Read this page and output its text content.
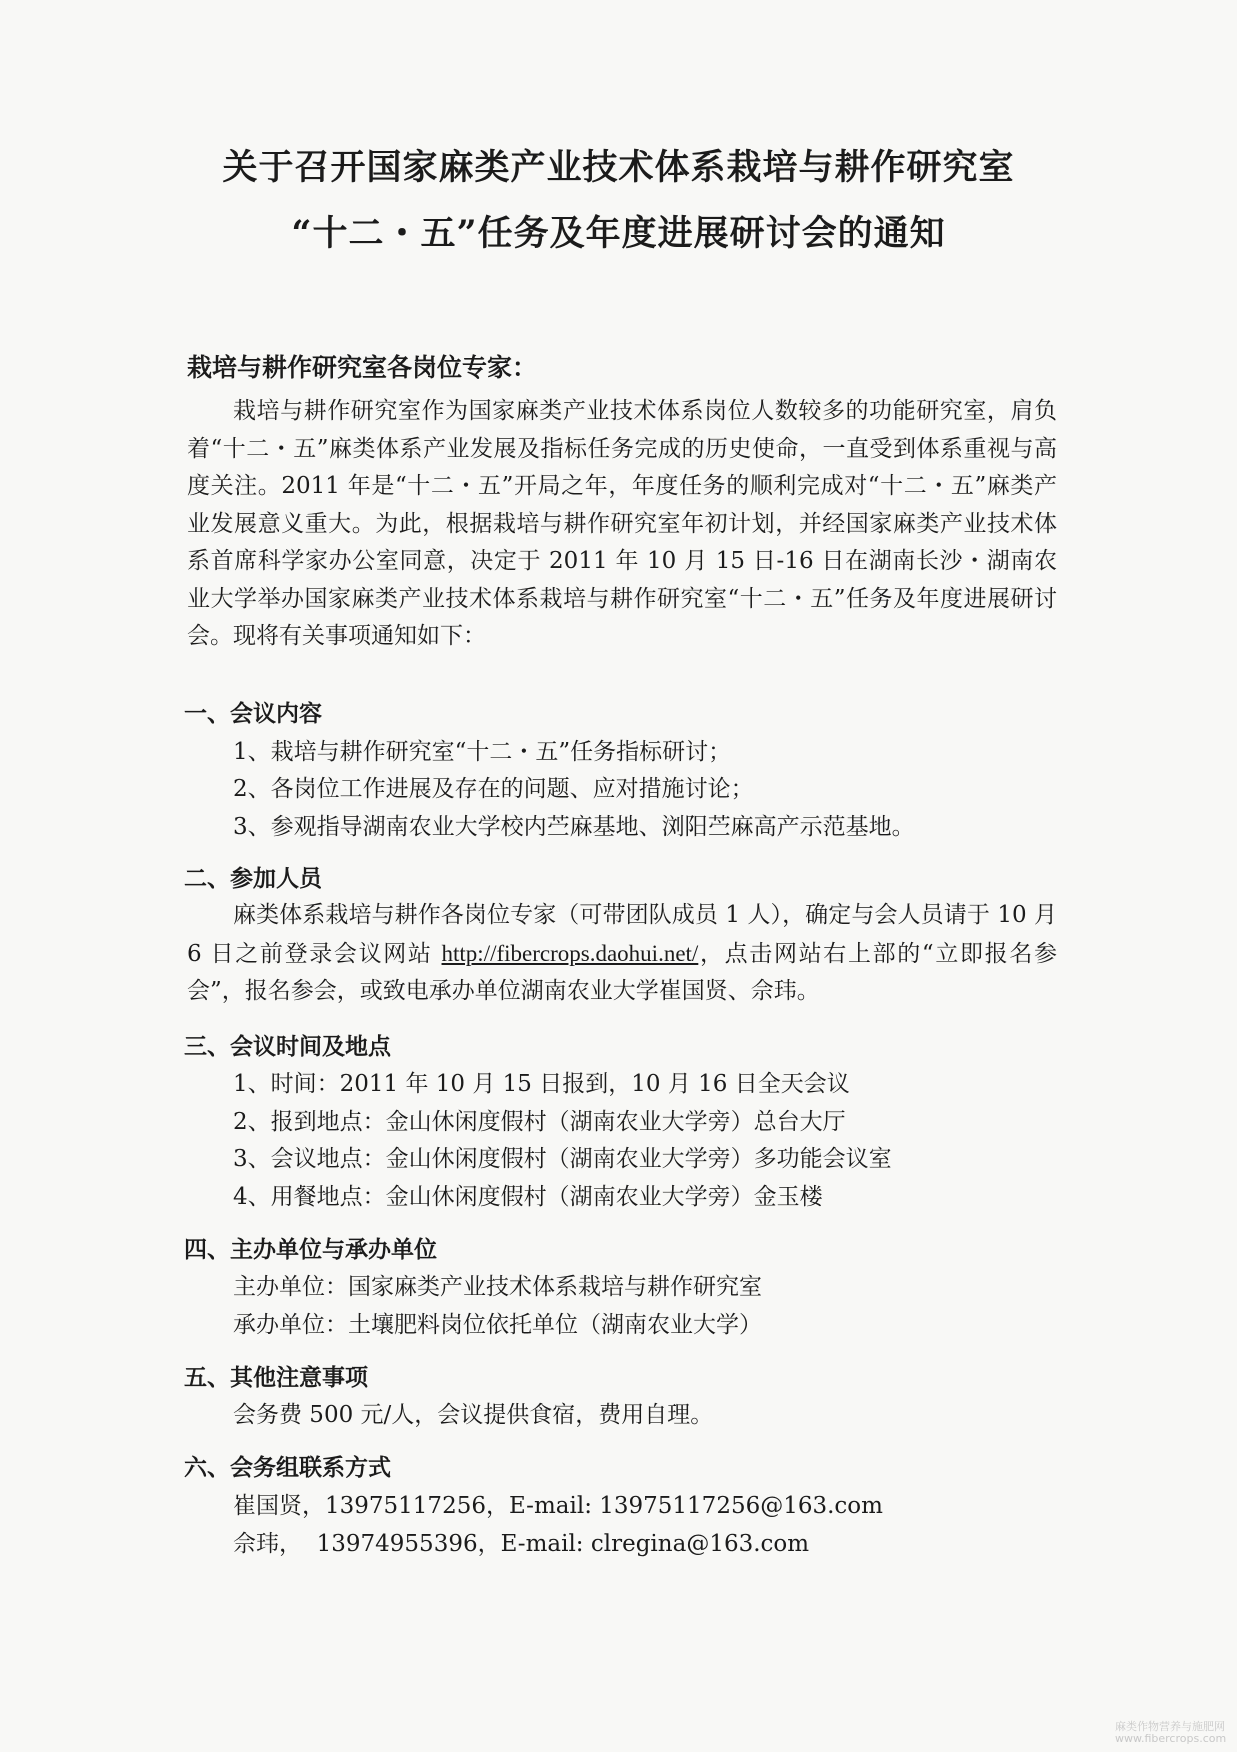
关于召开国家麻类产业技术体系栽培与耕作研究室
“十二・五”任务及年度进展研讨会的通知
栽培与耕作研究室各岗位专家：
栽培与耕作研究室作为国家麻类产业技术体系岗位人数较多的功能研究室，肩负着“十二・五”麻类体系产业发展及指标任务完成的历史使命，一直受到体系重视与高度关注。2011 年是“十二・五”开局之年，年度任务的顺利完成对“十二・五”麻类产业发展意义重大。为此，根据栽培与耕作研究室年初计划，并经国家麻类产业技术体系首席科学家办公室同意，决定于 2011 年 10 月 15 日-16 日在湖南长沙・湖南农业大学举办国家麻类产业技术体系栽培与耕作研究室“十二・五”任务及年度进展研讨会。现将有关事项通知如下：
一、会议内容
1、栽培与耕作研究室“十二・五”任务指标研讨；
2、各岗位工作进展及存在的问题、应对措施讨论；
3、参观指导湖南农业大学校内苎麻基地、浏阳苎麻高产示范基地。
二、参加人员
麻类体系栽培与耕作各岗位专家（可带团队成员 1 人），确定与会人员请于 10 月 6 日之前登录会议网站 http://fibercrops.daohui.net/，点击网站右上部的“立即报名参会”，报名参会，或致电承办单位湖南农业大学崔国贤、佘玮。
三、会议时间及地点
1、时间：2011 年 10 月 15 日报到，10 月 16 日全天会议
2、报到地点：金山休闲度假村（湖南农业大学旁）总台大厅
3、会议地点：金山休闲度假村（湖南农业大学旁）多功能会议室
4、用餐地点：金山休闲度假村（湖南农业大学旁）金玉楼
四、主办单位与承办单位
主办单位：国家麻类产业技术体系栽培与耕作研究室
承办单位：土壤肥料岗位依托单位（湖南农业大学）
五、其他注意事项
会务费 500 元/人，会议提供食宿，费用自理。
六、会务组联系方式
崔国贤，13975117256，E-mail: 13975117256@163.com
佘玮，  13974955396，E-mail: clregina@163.com
麻类作物营养与施肥网
www.fibercrops.com
